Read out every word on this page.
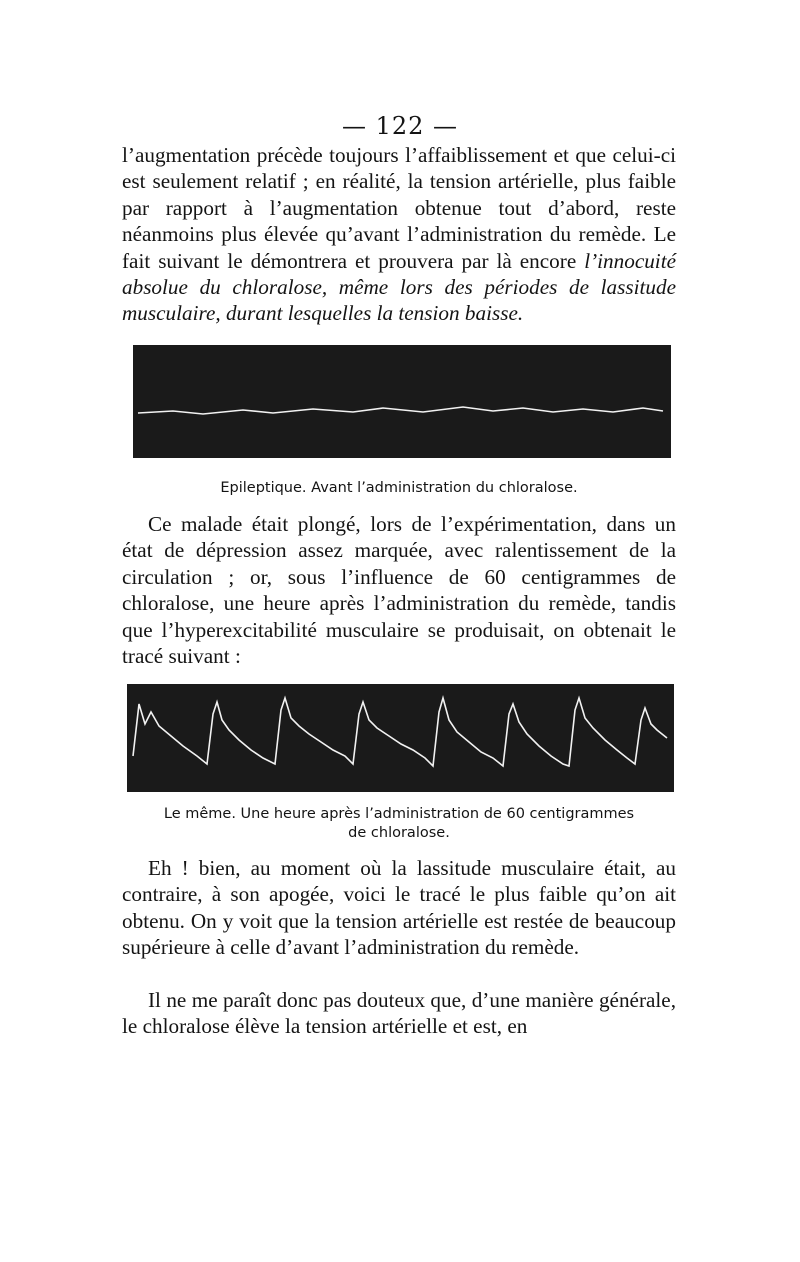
— 122 —

l’augmentation précède toujours l’affaiblissement et que celui-ci est seulement relatif ; en réalité, la tension artérielle, plus faible par rapport à l’augmentation obtenue tout d’abord, reste néanmoins plus élevée qu’avant l’administration du remède. Le fait suivant le démontrera et prouvera par là encore l’innocuité absolue du chloralose, même lors des périodes de lassitude musculaire, durant lesquelles la tension baisse.

Epileptique. Avant l’administration du chloralose.

Ce malade était plongé, lors de l’expérimentation, dans un état de dépression assez marquée, avec ralentissement de la circulation ; or, sous l’influence de 60 centigrammes de chloralose, une heure après l’administration du remède, tandis que l’hyperexcitabilité musculaire se produisait, on obtenait le tracé suivant :

Le même. Une heure après l’administration de 60 centigrammes
de chloralose.

Eh ! bien, au moment où la lassitude musculaire était, au contraire, à son apogée, voici le tracé le plus faible qu’on ait obtenu. On y voit que la tension artérielle est restée de beaucoup supérieure à celle d’avant l’administration du remède.

Il ne me paraît donc pas douteux que, d’une manière générale, le chloralose élève la tension artérielle et est, en
